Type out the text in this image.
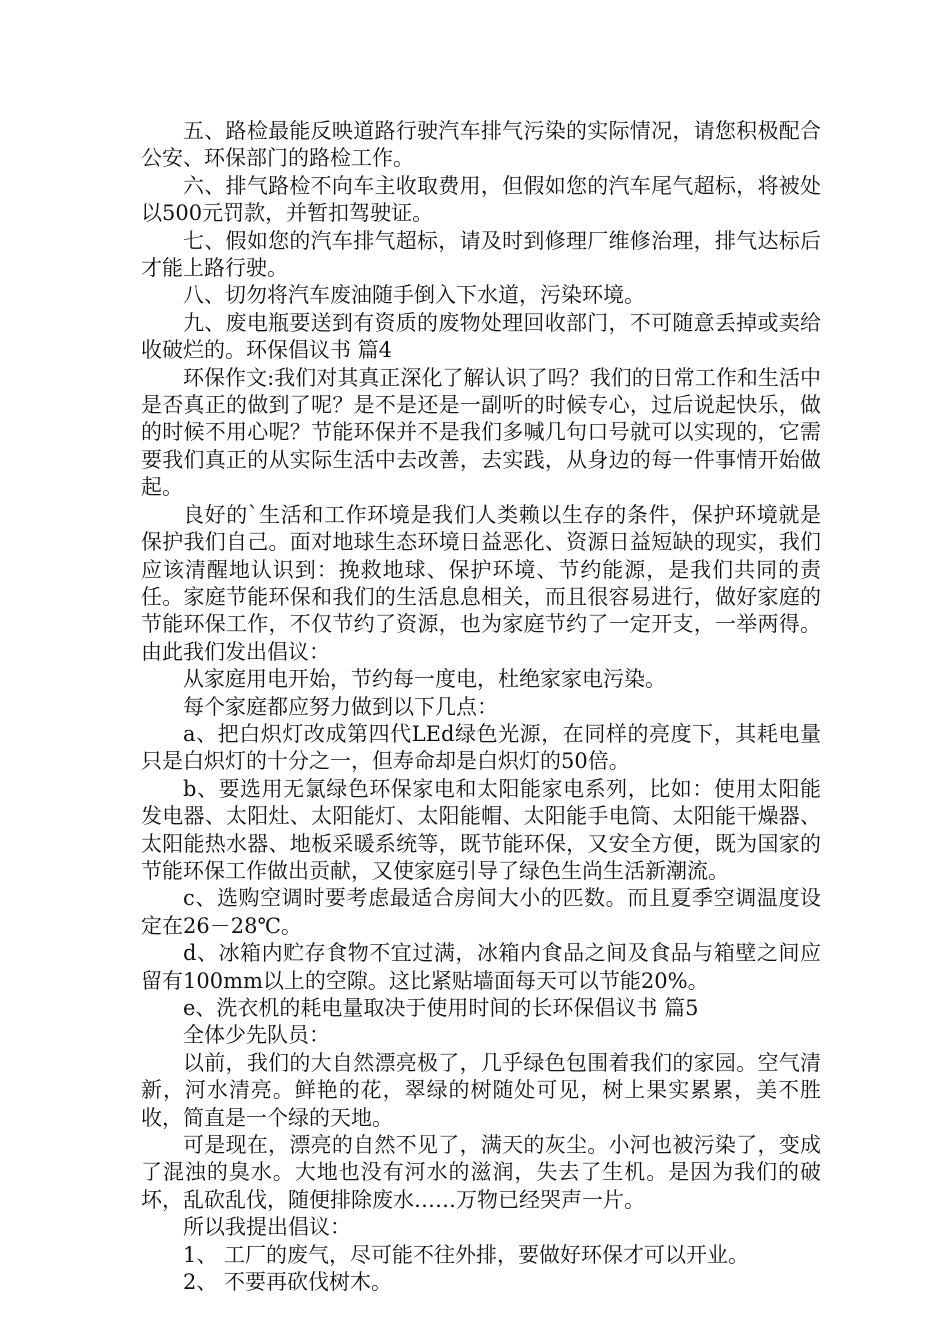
五、路检最能反映道路行驶汽车排气污染的实际情况，请您积极配合公安、环保部门的路检工作。

六、排气路检不向车主收取费用，但假如您的汽车尾气超标，将被处以500元罚款，并暂扣驾驶证。

七、假如您的汽车排气超标，请及时到修理厂维修治理，排气达标后才能上路行驶。

八、切勿将汽车废油随手倒入下水道，污染环境。

九、废电瓶要送到有资质的废物处理回收部门，不可随意丢掉或卖给收破烂的。环保倡议书 篇4

环保作文:我们对其真正深化了解认识了吗？我们的日常工作和生活中是否真正的做到了呢？是不是还是一副听的时候专心，过后说起快乐，做的时候不用心呢？节能环保并不是我们多喊几句口号就可以实现的，它需要我们真正的从实际生活中去改善，去实践，从身边的每一件事情开始做起。

良好的`生活和工作环境是我们人类赖以生存的条件，保护环境就是保护我们自己。面对地球生态环境日益恶化、资源日益短缺的现实，我们应该清醒地认识到：挽救地球、保护环境、节约能源，是我们共同的责任。家庭节能环保和我们的生活息息相关，而且很容易进行，做好家庭的节能环保工作，不仅节约了资源，也为家庭节约了一定开支，一举两得。由此我们发出倡议：

从家庭用电开始，节约每一度电，杜绝家家电污染。

每个家庭都应努力做到以下几点：

a、把白炽灯改成第四代LEd绿色光源，在同样的亮度下，其耗电量只是白炽灯的十分之一，但寿命却是白炽灯的50倍。

b、要选用无氯绿色环保家电和太阳能家电系列，比如：使用太阳能发电器、太阳灶、太阳能灯、太阳能帽、太阳能手电筒、太阳能干燥器、太阳能热水器、地板采暖系统等，既节能环保，又安全方便，既为国家的节能环保工作做出贡献，又使家庭引导了绿色生尚生活新潮流。

c、选购空调时要考虑最适合房间大小的匹数。而且夏季空调温度设定在26－28℃。

d、冰箱内贮存食物不宜过满，冰箱内食品之间及食品与箱壁之间应留有100mm以上的空隙。这比紧贴墙面每天可以节能20%。

e、洗衣机的耗电量取决于使用时间的长环保倡议书 篇5

全体少先队员：

以前，我们的大自然漂亮极了，几乎绿色包围着我们的家园。空气清新，河水清亮。鲜艳的花，翠绿的树随处可见，树上果实累累，美不胜收，简直是一个绿的天地。

可是现在，漂亮的自然不见了，满天的灰尘。小河也被污染了，变成了混浊的臭水。大地也没有河水的滋润，失去了生机。是因为我们的破坏，乱砍乱伐，随便排除废水……万物已经哭声一片。

所以我提出倡议：

1、 工厂的废气，尽可能不往外排，要做好环保才可以开业。

2、 不要再砍伐树木。
